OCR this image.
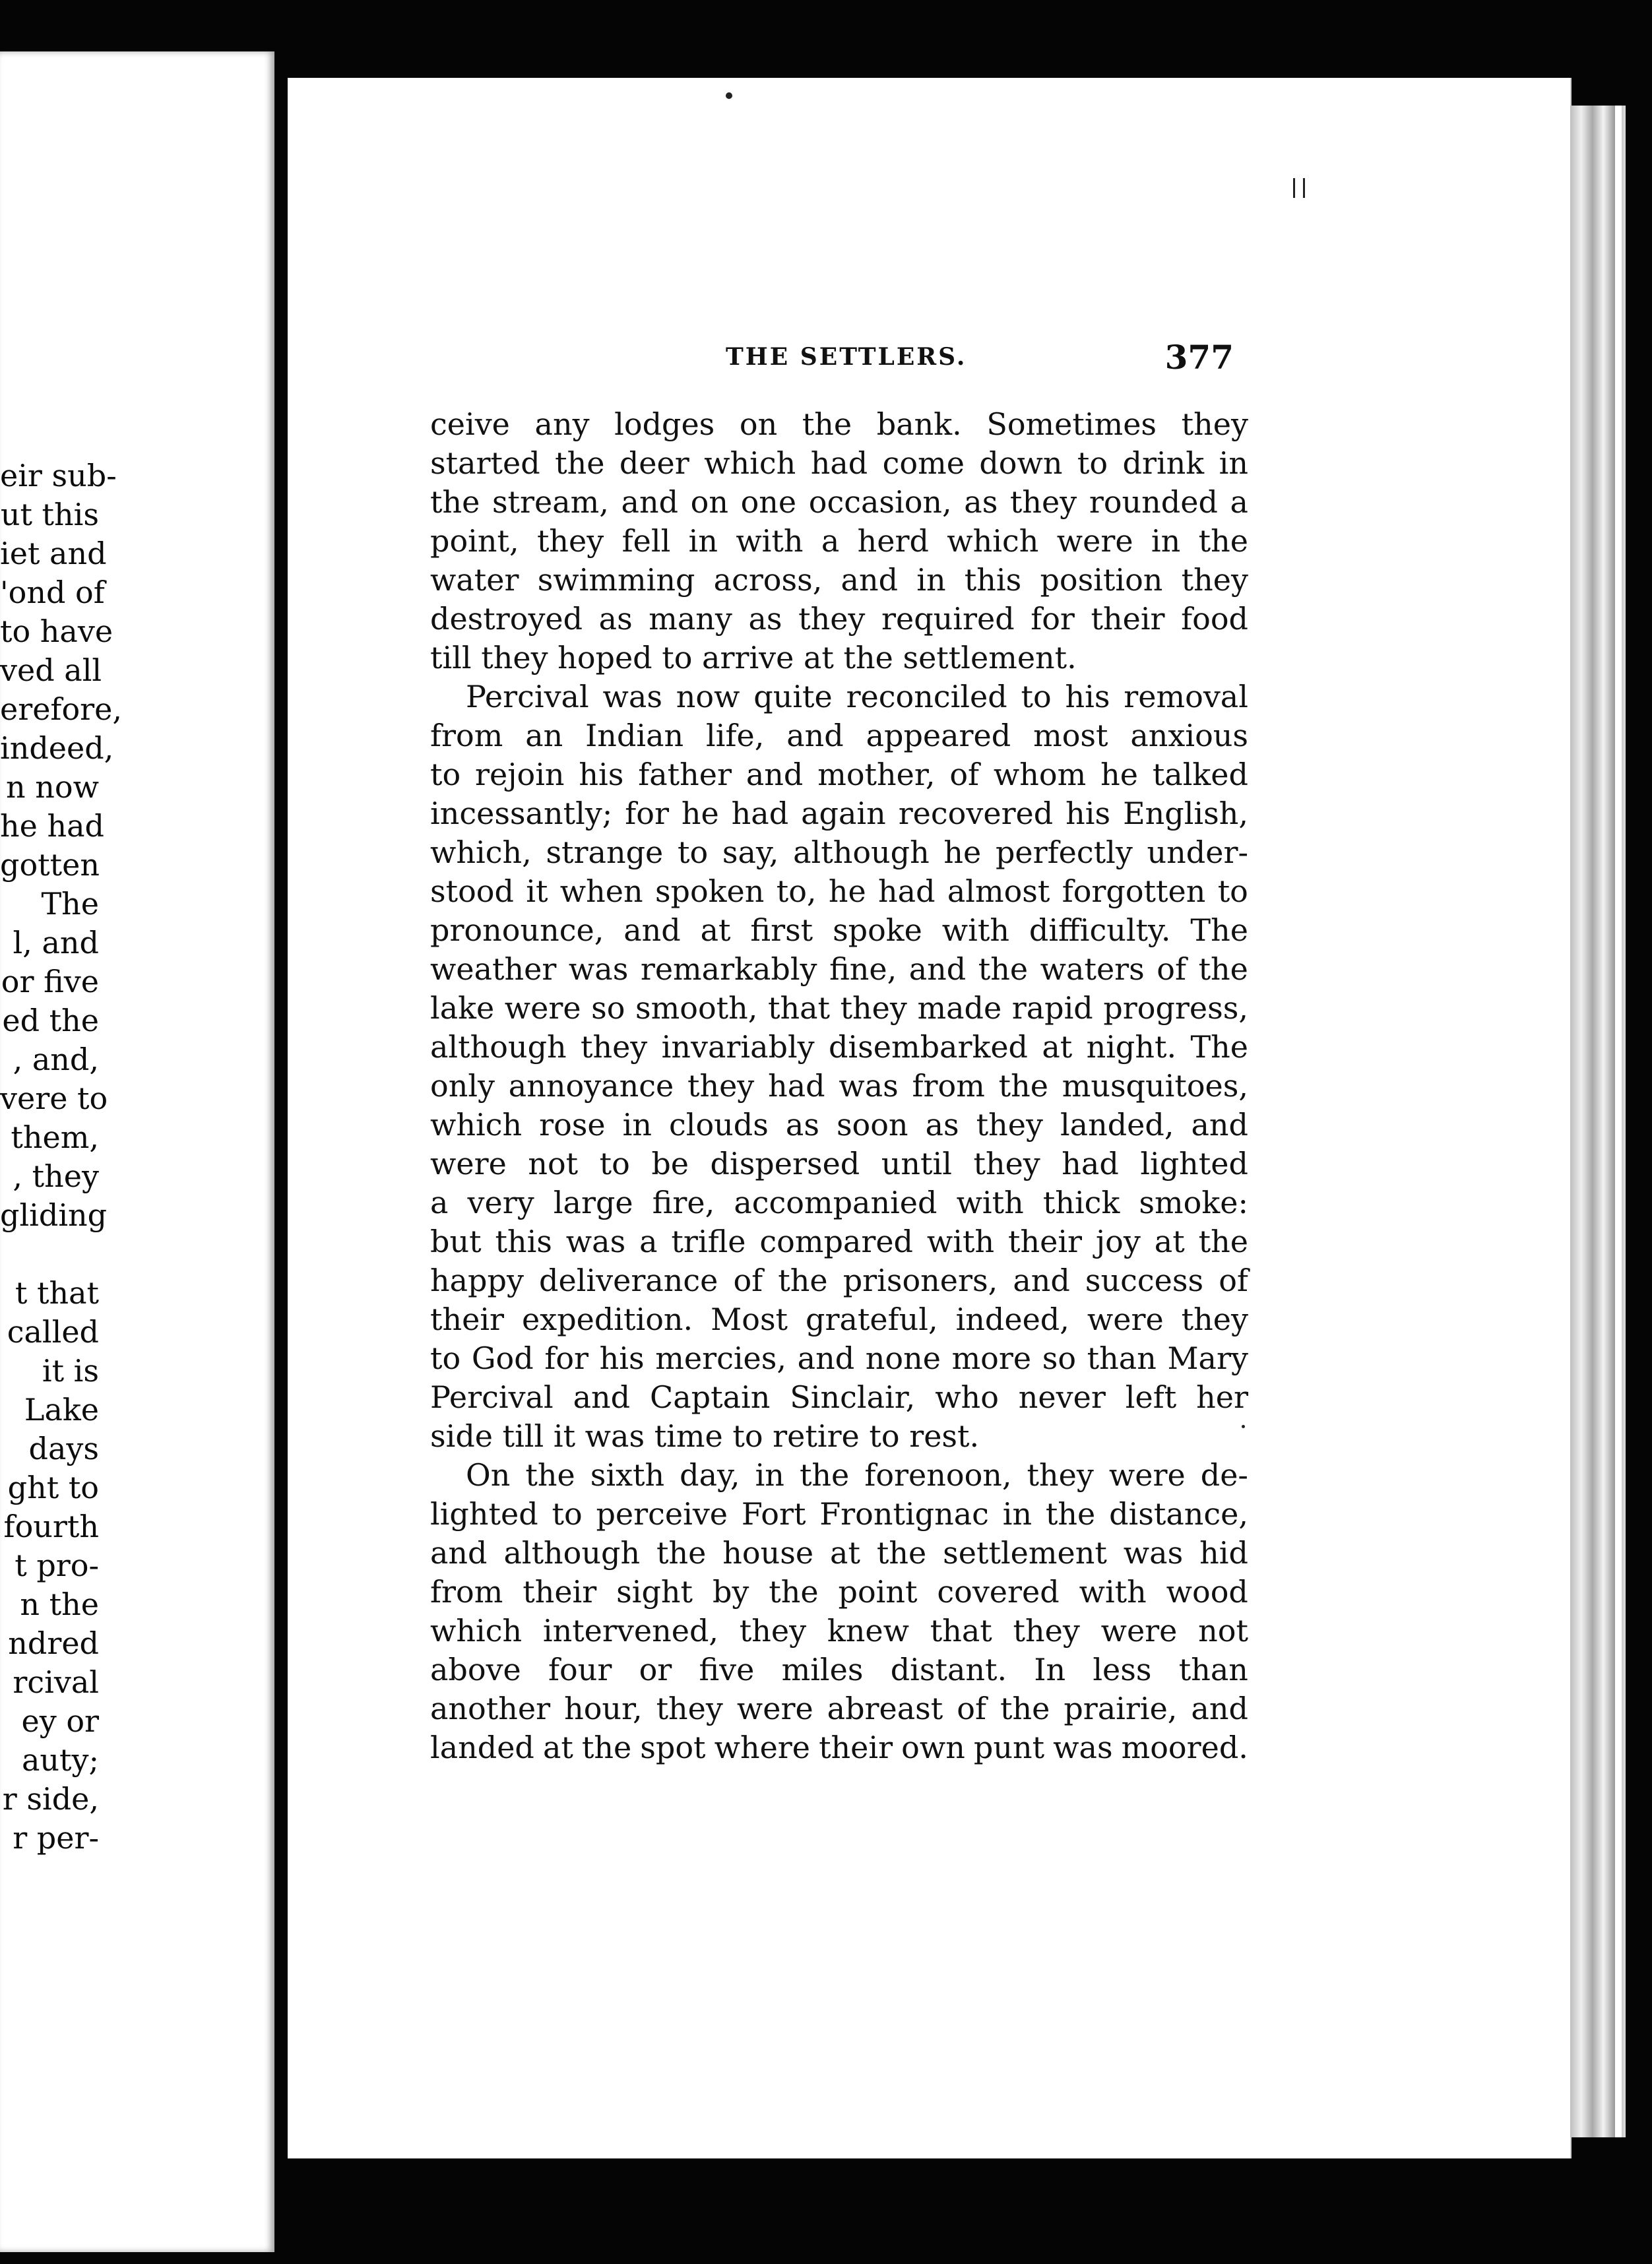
eir sub-
ut this
iet and
'ond of
to have
ved all
erefore,
indeed,
n now
he had
gotten
The
l, and
or five
ed the
, and,
vere to
them,
, they
gliding
t that
called
it is
Lake
days
ght to
fourth
t pro-
n the
ndred
rcival
ey or
auty;
r side,
r per-
THE SETTLERS.	377
ceive any lodges on the bank. Sometimes they
started the deer which had come down to drink in
the stream, and on one occasion, as they rounded a
point, they fell in with a herd which were in the
water swimming across, and in this position they
destroyed as many as they required for their food
till they hoped to arrive at the settlement.
Percival was now quite reconciled to his removal
from an Indian life, and appeared most anxious
to rejoin his father and mother, of whom he talked
incessantly; for he had again recovered his English,
which, strange to say, although he perfectly under-
stood it when spoken to, he had almost forgotten to
pronounce, and at first spoke with difficulty. The
weather was remarkably fine, and the waters of the
lake were so smooth, that they made rapid progress,
although they invariably disembarked at night. The
only annoyance they had was from the musquitoes,
which rose in clouds as soon as they landed, and
were not to be dispersed until they had lighted
a very large fire, accompanied with thick smoke:
but this was a trifle compared with their joy at the
happy deliverance of the prisoners, and success of
their expedition. Most grateful, indeed, were they
to God for his mercies, and none more so than Mary
Percival and Captain Sinclair, who never left her
side till it was time to retire to rest.
On the sixth day, in the forenoon, they were de-
lighted to perceive Fort Frontignac in the distance,
and although the house at the settlement was hid
from their sight by the point covered with wood
which intervened, they knew that they were not
above four or five miles distant. In less than
another hour, they were abreast of the prairie, and
landed at the spot where their own punt was moored.
